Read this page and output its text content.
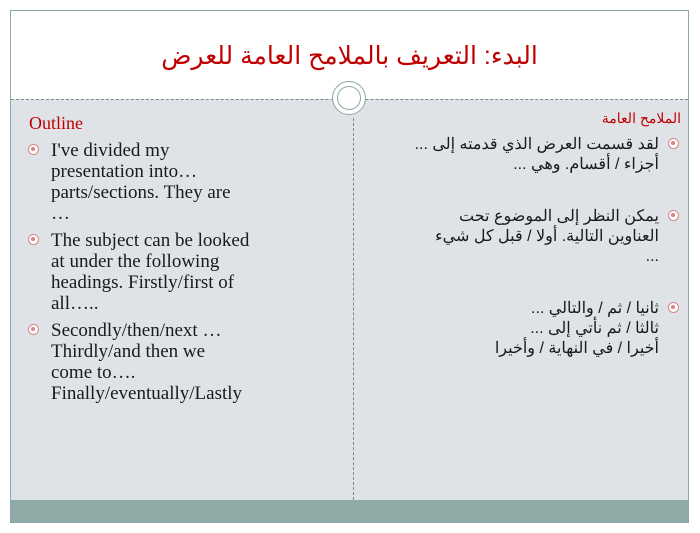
البدء: التعريف بالملامح العامة للعرض
Outline
I've divided my
presentation into…
parts/sections. They are
…
The subject can be looked
at under the following
headings. Firstly/first of
all…..
Secondly/then/next …
Thirdly/and then we
come to….
Finally/eventually/Lastly
الملامح العامة
لقد قسمت العرض الذي قدمته إلى ...
أجزاء / أقسام. وهي ...
يمكن النظر إلى الموضوع تحت
العناوين التالية. أولا / قبل كل شيء
...
ثانيا / ثم / والتالي ...
ثالثا / ثم نأتي إلى ...
أخيرا / في النهاية / وأخيرا
